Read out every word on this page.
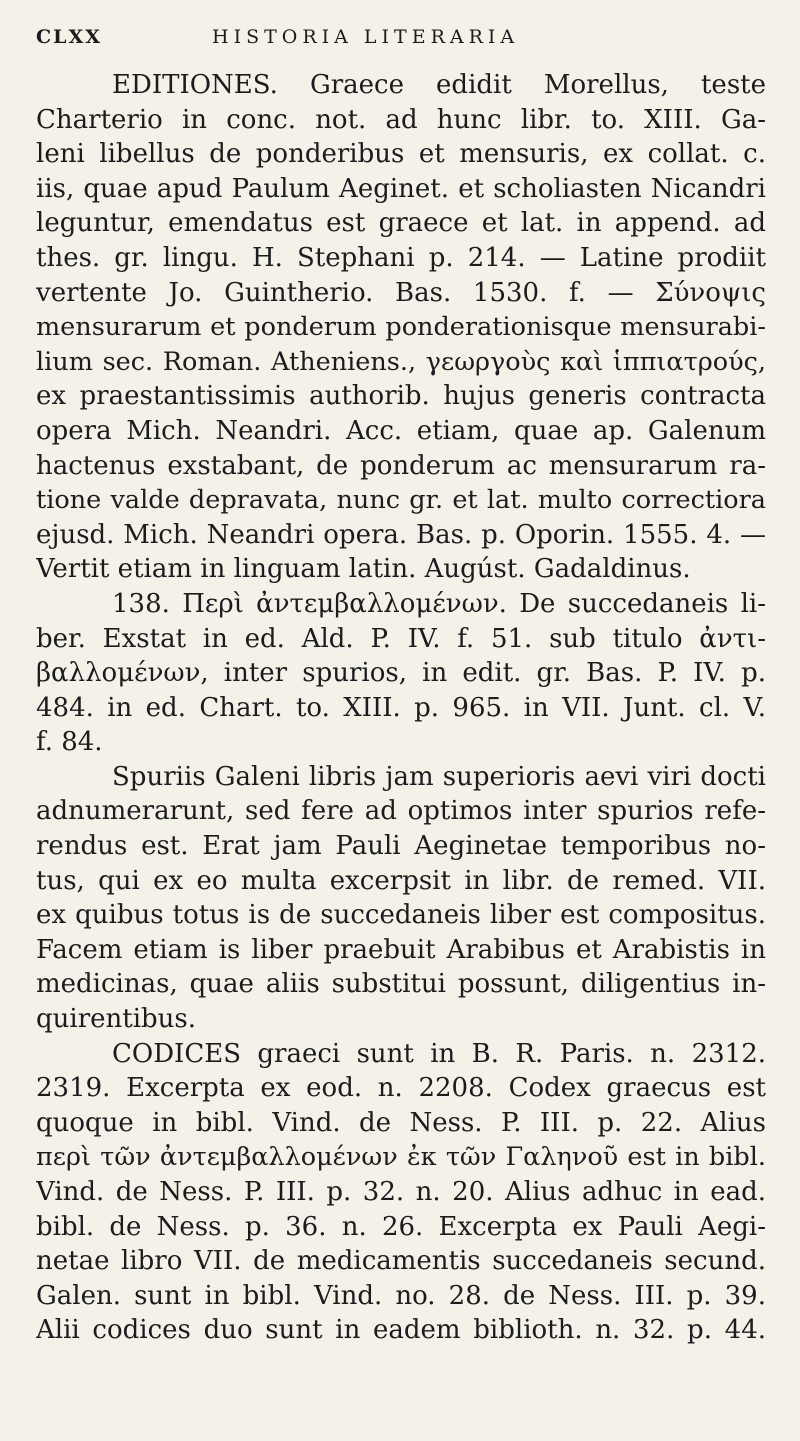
CLXX	HISTORIA LITERARIA
EDITIONES. Graece edidit Morellus, teste
Charterio in conc. not. ad hunc libr. to. XIII. Ga-
leni libellus de ponderibus et mensuris, ex collat. c.
iis, quae apud Paulum Aeginet. et scholiasten Nicandri
leguntur, emendatus est graece et lat. in append. ad
thes. gr. lingu. H. Stephani p. 214. — Latine prodiit
vertente Jo. Guintherio. Bas. 1530. f. — Σύνοψις
mensurarum et ponderum ponderationisque mensurabi-
lium sec. Roman. Atheniens., γεωργοὺς καὶ ἱππιατρούς,
ex praestantissimis authorib. hujus generis contracta
opera Mich. Neandri. Acc. etiam, quae ap. Galenum
hactenus exstabant, de ponderum ac mensurarum ra-
tione valde depravata, nunc gr. et lat. multo correctiora
ejusd. Mich. Neandri opera. Bas. p. Oporin. 1555. 4. —
Vertit etiam in linguam latin. Augúst. Gadaldinus.
138. Περὶ ἀντεμβαλλομένων. De succedaneis li-
ber. Exstat in ed. Ald. P. IV. f. 51. sub titulo ἀντι-
βαλλομένων, inter spurios, in edit. gr. Bas. P. IV. p.
484. in ed. Chart. to. XIII. p. 965. in VII. Junt. cl. V.
f. 84.
Spuriis Galeni libris jam superioris aevi viri docti
adnumerarunt, sed fere ad optimos inter spurios refe-
rendus est. Erat jam Pauli Aeginetae temporibus no-
tus, qui ex eo multa excerpsit in libr. de remed. VII.
ex quibus totus is de succedaneis liber est compositus.
Facem etiam is liber praebuit Arabibus et Arabistis in
medicinas, quae aliis substitui possunt, diligentius in-
quirentibus.
CODICES graeci sunt in B. R. Paris. n. 2312.
2319. Excerpta ex eod. n. 2208. Codex graecus est
quoque in bibl. Vind. de Ness. P. III. p. 22. Alius
περὶ τῶν ἀντεμβαλλομένων ἐκ τῶν Γαληνοῦ est in bibl.
Vind. de Ness. P. III. p. 32. n. 20. Alius adhuc in ead.
bibl. de Ness. p. 36. n. 26. Excerpta ex Pauli Aegi-
netae libro VII. de medicamentis succedaneis secund.
Galen. sunt in bibl. Vind. no. 28. de Ness. III. p. 39.
Alii codices duo sunt in eadem biblioth. n. 32. p. 44.
